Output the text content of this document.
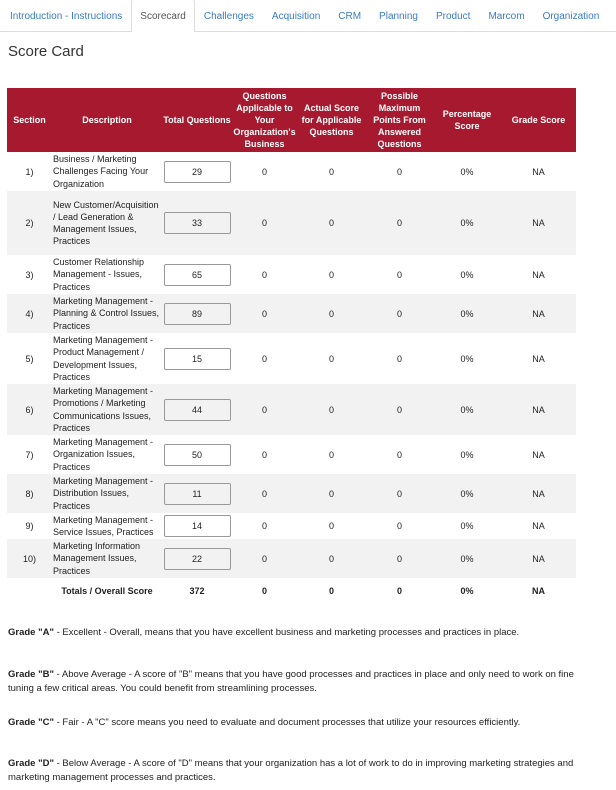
Introduction - Instructions	Scorecard	Challenges	Acquisition	CRM	Planning	Product	Marcom	Organization
Score Card
Section	Description	Total Questions	Questions Applicable to Your Organization's Business	Actual Score for Applicable Questions	Possible Maximum Points From Answered Questions	Percentage Score	Grade Score
1)	Business / Marketing Challenges Facing Your Organization	29	0	0	0	0%	NA
2)	New Customer/Acquisition / Lead Generation & Management Issues, Practices	33	0	0	0	0%	NA
3)	Customer Relationship Management - Issues, Practices	65	0	0	0	0%	NA
4)	Marketing Management - Planning & Control Issues, Practices	89	0	0	0	0%	NA
5)	Marketing Management - Product Management / Development Issues, Practices	15	0	0	0	0%	NA
6)	Marketing Management - Promotions / Marketing Communications Issues, Practices	44	0	0	0	0%	NA
7)	Marketing Management - Organization Issues, Practices	50	0	0	0	0%	NA
8)	Marketing Management - Distribution Issues, Practices	11	0	0	0	0%	NA
9)	Marketing Management - Service Issues, Practices	14	0	0	0	0%	NA
10)	Marketing Information Management Issues, Practices	22	0	0	0	0%	NA
	Totals / Overall Score	372	0	0	0	0%	NA
Grade "A" - Excellent - Overall, means that you have excellent business and marketing processes and practices in place.
Grade "B" - Above Average - A score of "B" means that you have good processes and practices in place and only need to work on fine tuning a few critical areas. You could benefit from streamlining processes.
Grade "C" - Fair - A "C" score means you need to evaluate and document processes that utilize your resources efficiently.
Grade "D" - Below Average - A score of "D" means that your organization has a lot of work to do in improving marketing strategies and marketing management processes and practices.
